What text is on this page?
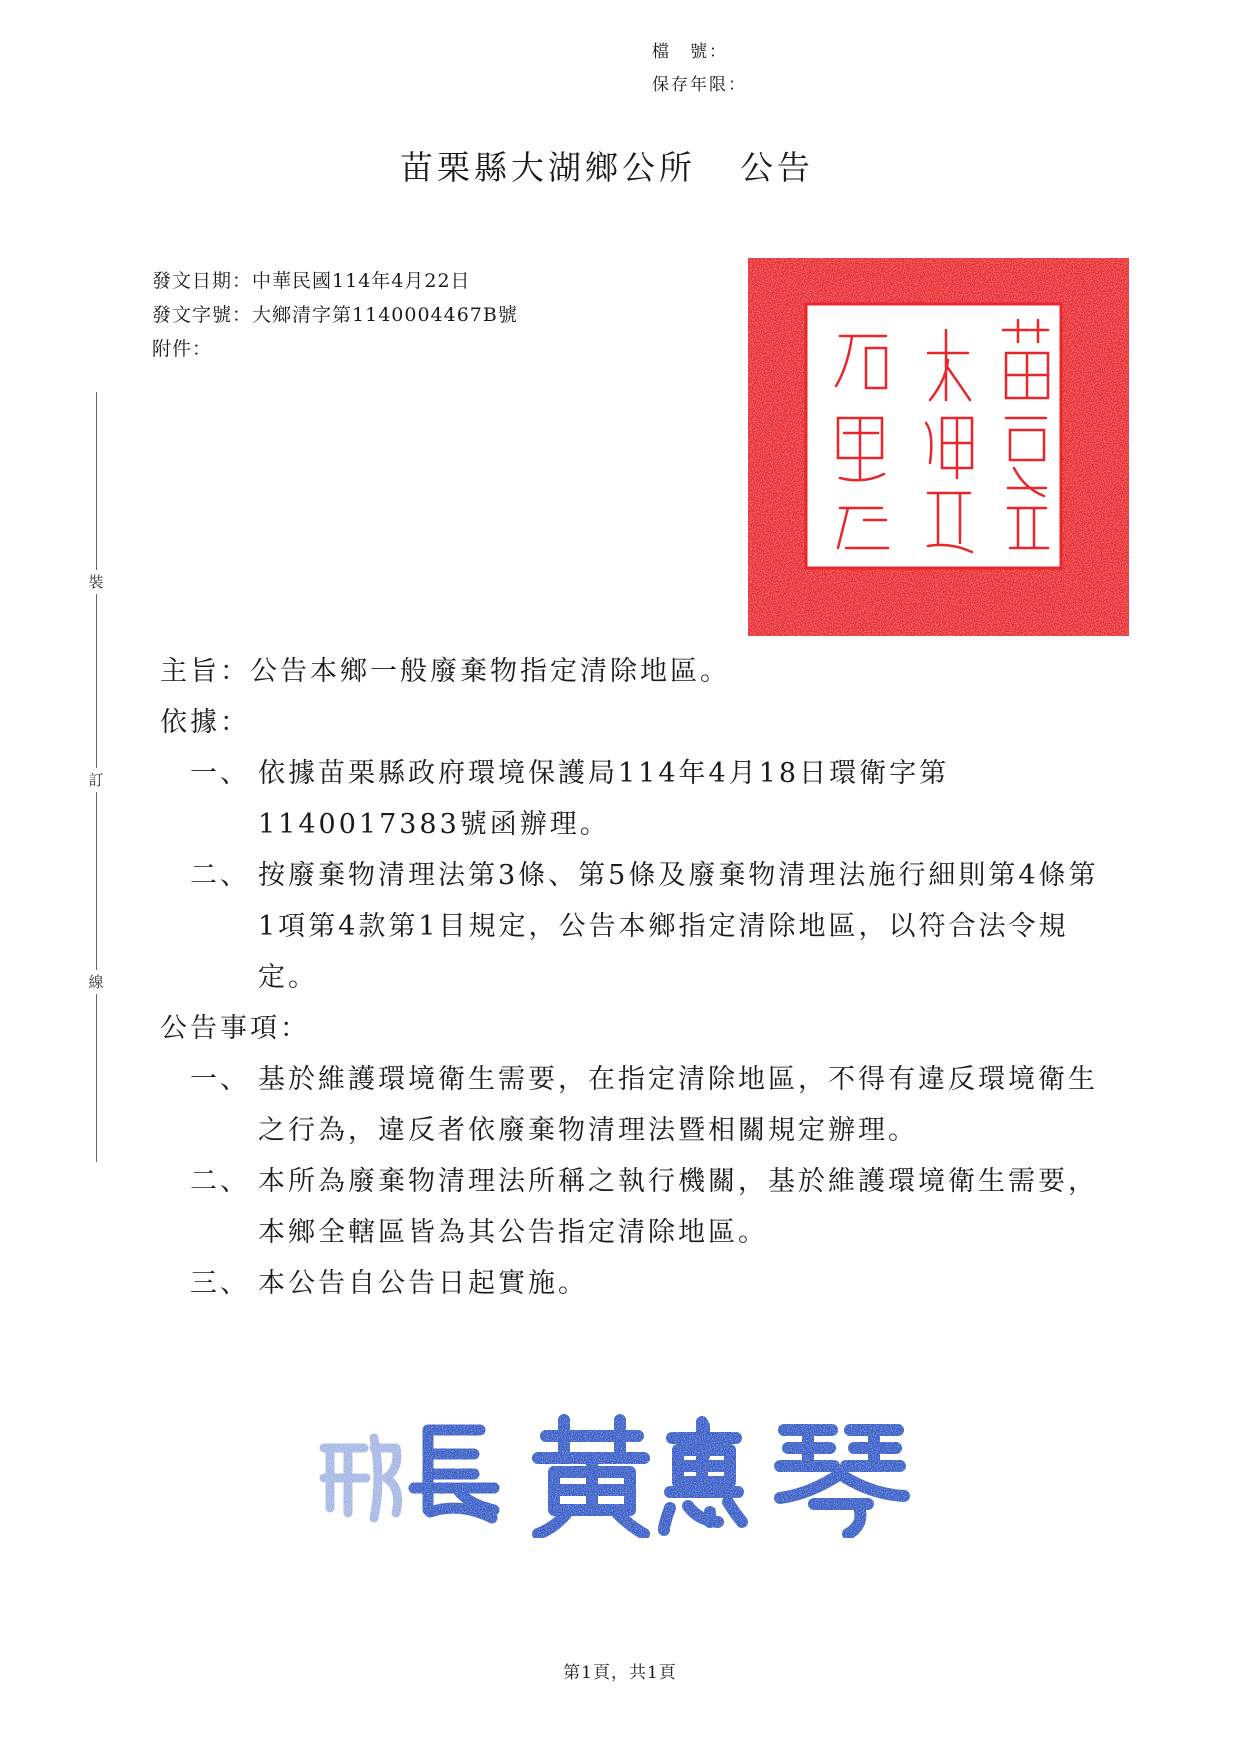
檔　號：
保存年限：
苗栗縣大湖鄉公所 公告
發文日期： 中華民國114年4月22日
發文字號： 大鄉清字第1140004467B號
附件：
裝
訂
線
主旨：公告本鄉一般廢棄物指定清除地區。
依據：
一、 依據苗栗縣政府環境保護局114年4月18日環衛字第1140017383號函辦理。
二、 按廢棄物清理法第3條、第5條及廢棄物清理法施行細則第4條第1項第4款第1目規定，公告本鄉指定清除地區，以符合法令規定。
公告事項：
一、 基於維護環境衛生需要，在指定清除地區，不得有違反環境衛生之行為，違反者依廢棄物清理法暨相關規定辦理。
二、 本所為廢棄物清理法所稱之執行機關，基於維護環境衛生需要，本鄉全轄區皆為其公告指定清除地區。
三、 本公告自公告日起實施。
第1頁，共1頁
